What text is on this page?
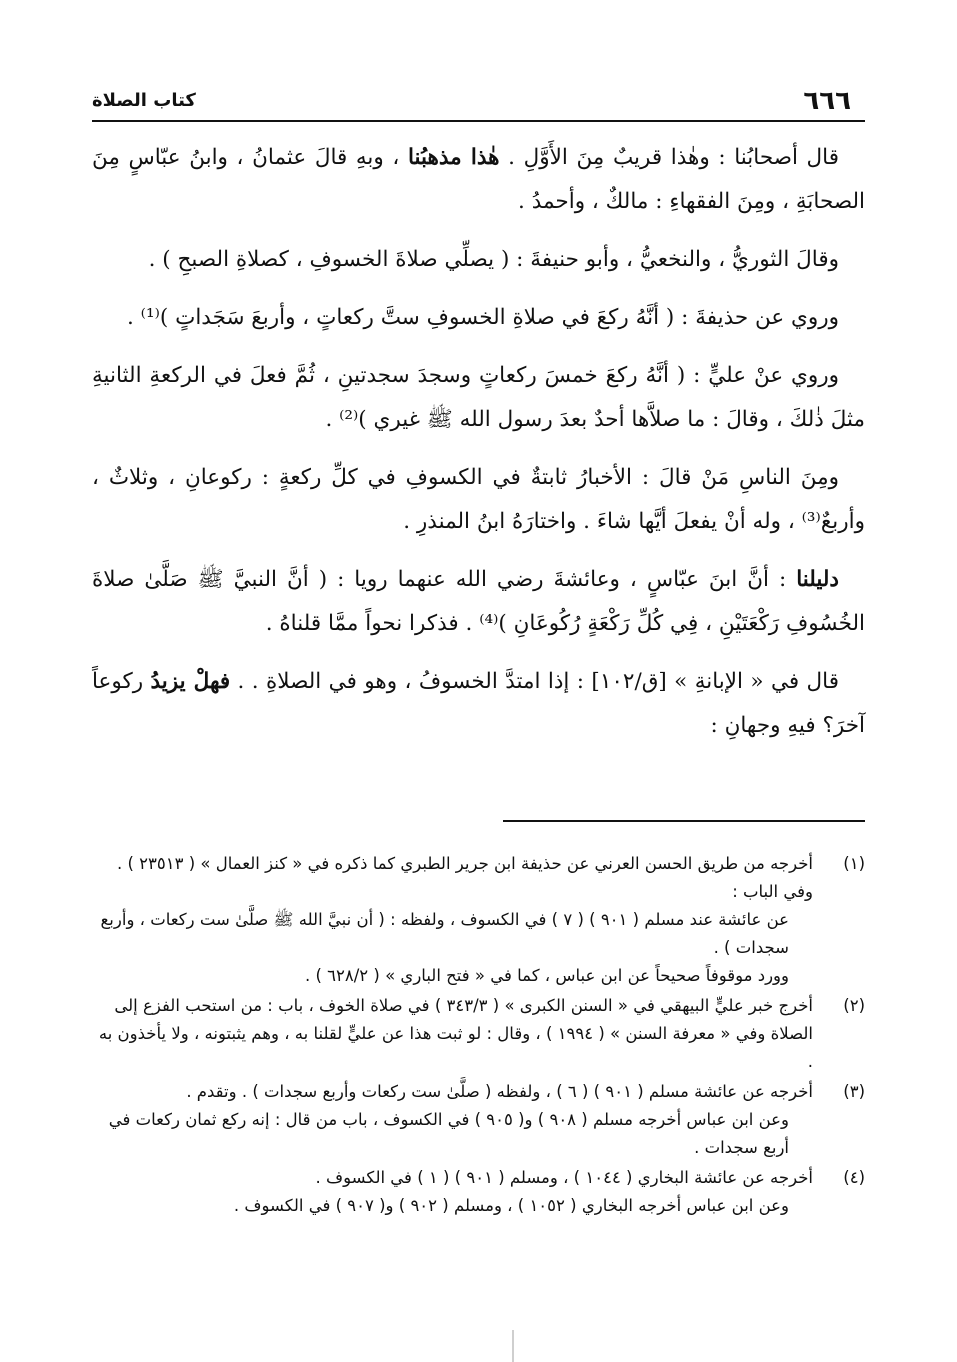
٦٦٦
كتاب الصلاة

قال أصحابُنا : وهٰذا قريبٌ مِنَ الأَوَّلِ . هٰذا مذهبُنا ، وبهِ قالَ عثمانُ ، وابنُ عبّاسٍ مِنَ الصحابَةِ ، ومِنَ الفقهاءِ : مالكٌ ، وأحمدُ .

وقالَ الثوريُّ ، والنخعيُّ ، وأبو حنيفةَ : ( يصلِّي صلاةَ الخسوفِ ، كصلاةِ الصبحِ ) .

وروي عن حذيفةَ : ( أنَّهُ ركعَ في صلاةِ الخسوفِ ستَّ ركعاتٍ ، وأربعَ سَجَداتٍ )⁽¹⁾ .

وروي عنْ عليٍّ : ( أنَّهُ ركعَ خمسَ ركعاتٍ وسجدَ سجدتينِ ، ثُمَّ فعلَ في الركعةِ الثانيةِ مثلَ ذٰلكَ ، وقالَ : ما صلاَّها أحدٌ بعدَ رسول الله ﷺ غيري )⁽²⁾ .

ومِنَ الناسِ مَنْ قالَ : الأخبارُ ثابتةٌ في الكسوفِ في كلِّ ركعةٍ : ركوعانِ ، وثلاثٌ ، وأربعٌ⁽³⁾ ، وله أنْ يفعلَ أيَّها شاءَ . واختارَهُ ابنُ المنذرِ .

دليلنا : أنَّ ابنَ عبّاسٍ ، وعائشةَ رضي الله عنهما رويا : ( أنَّ النبيَّ ﷺ صَلَّىٰ صلاةَ الخُسُوفِ رَكْعَتَيْنِ ، فِي كُلِّ رَكْعَةٍ رُكُوعَانِ )⁽⁴⁾ . فذكرا نحواً ممَّا قلناهُ .

قال في « الإبانةِ » [ق/١٠٢] : إذا امتدَّ الخسوفُ ، وهو في الصلاةِ . . فهلْ يزيدُ ركوعاً آخرَ؟ فيهِ وجهانِ :

(١)
أخرجه من طريق الحسن العرني عن حذيفة ابن جرير الطبري كما ذكره في « كنز العمال » ( ٢٣٥١٣ ) . وفي الباب :
عن عائشة عند مسلم ( ٩٠١ ) ( ٧ ) في الكسوف ، ولفظه : ( أن نبيَّ الله ﷺ صلَّىٰ ست ركعات ، وأربع سجدات ) .
وورد موقوفاً صحيحاً عن ابن عباس ، كما في « فتح الباري » ( ٦٢٨/٢ ) .
(٢)
أخرج خبر عليٍّ البيهقي في « السنن الكبرى » ( ٣٤٣/٣ ) في صلاة الخوف ، باب : من استحب الفزع إلى الصلاة وفي « معرفة السنن » ( ١٩٩٤ ) ، وقال : لو ثبت هذا عن عليٍّ لقلنا به ، وهم يثبتونه ، ولا يأخذون به .
(٣)
أخرجه عن عائشة مسلم ( ٩٠١ ) ( ٦ ) ، ولفظه ( صلَّىٰ ست ركعات وأربع سجدات ) . وتقدم .
وعن ابن عباس أخرجه مسلم ( ٩٠٨ ) و( ٩٠٥ ) في الكسوف ، باب من قال : إنه ركع ثمان ركعات في أربع سجدات .
(٤)
أخرجه عن عائشة البخاري ( ١٠٤٤ ) ، ومسلم ( ٩٠١ ) ( ١ ) في الكسوف .
وعن ابن عباس أخرجه البخاري ( ١٠٥٢ ) ، ومسلم ( ٩٠٢ ) و( ٩٠٧ ) في الكسوف .
